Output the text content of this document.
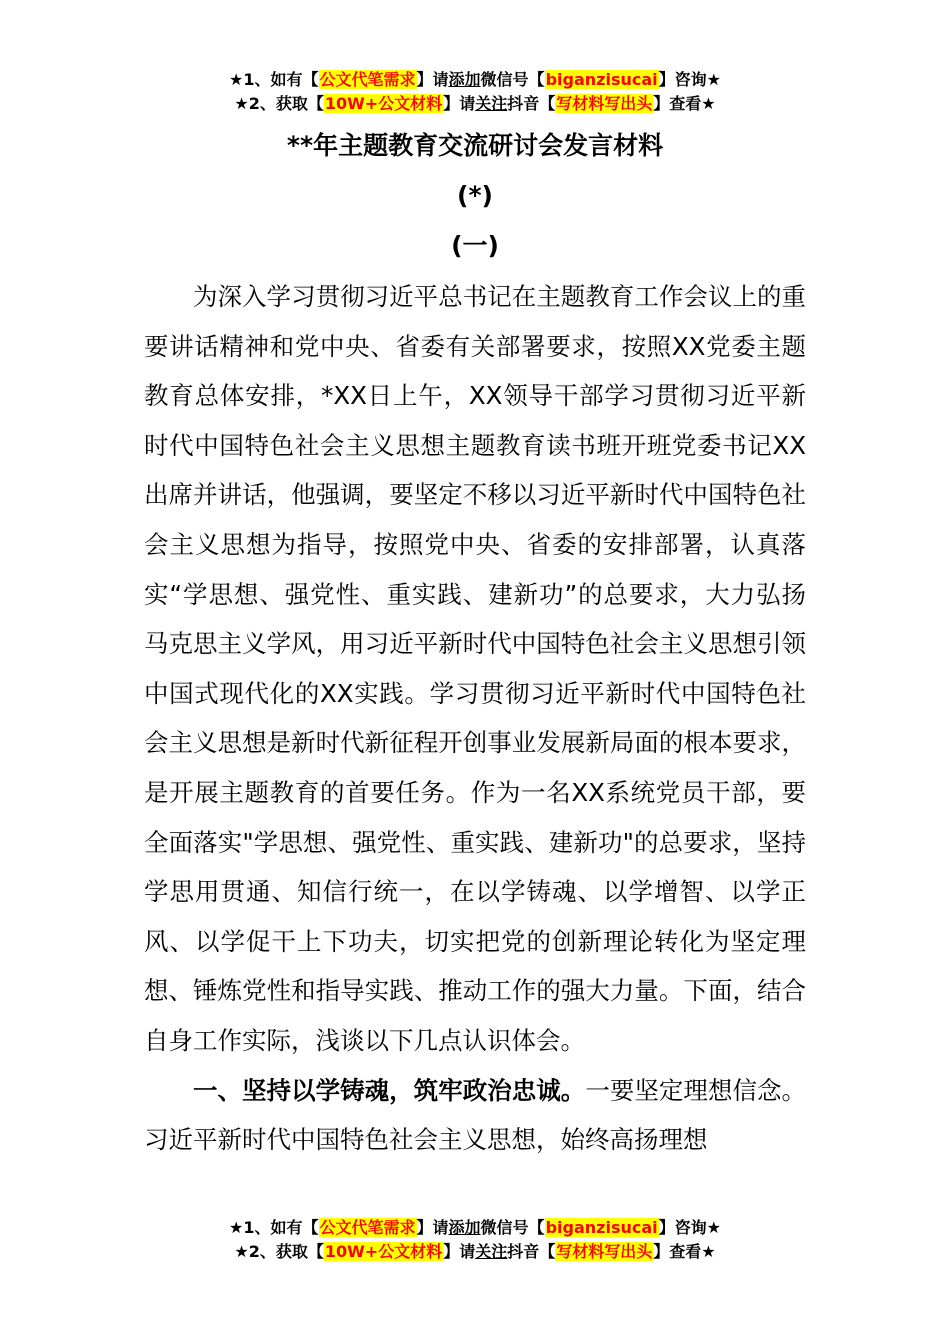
★1、如有【公文代笔需求】请添加微信号【biganzisucai】咨询★
★2、获取【10W+公文材料】请关注抖音【写材料写出头】查看★
**年主题教育交流研讨会发言材料
(*)
(一)

为深入学习贯彻习近平总书记在主题教育工作会议上的重要讲话精神和党中央、省委有关部署要求，按照XX党委主题教育总体安排，*XX日上午，XX领导干部学习贯彻习近平新时代中国特色社会主义思想主题教育读书班开班党委书记XX出席并讲话，他强调，要坚定不移以习近平新时代中国特色社会主义思想为指导，按照党中央、省委的安排部署，认真落实“学思想、强党性、重实践、建新功”的总要求，大力弘扬马克思主义学风，用习近平新时代中国特色社会主义思想引领中国式现代化的XX实践。学习贯彻习近平新时代中国特色社会主义思想是新时代新征程开创事业发展新局面的根本要求，是开展主题教育的首要任务。作为一名XX系统党员干部，要全面落实"学思想、强党性、重实践、建新功"的总要求，坚持学思用贯通、知信行统一，在以学铸魂、以学增智、以学正风、以学促干上下功夫，切实把党的创新理论转化为坚定理想、锤炼党性和指导实践、推动工作的强大力量。下面，结合自身工作实际，浅谈以下几点认识体会。

一、坚持以学铸魂，筑牢政治忠诚。一要坚定理想信念。习近平新时代中国特色社会主义思想，始终高扬理想

★1、如有【公文代笔需求】请添加微信号【biganzisucai】咨询★
★2、获取【10W+公文材料】请关注抖音【写材料写出头】查看★
